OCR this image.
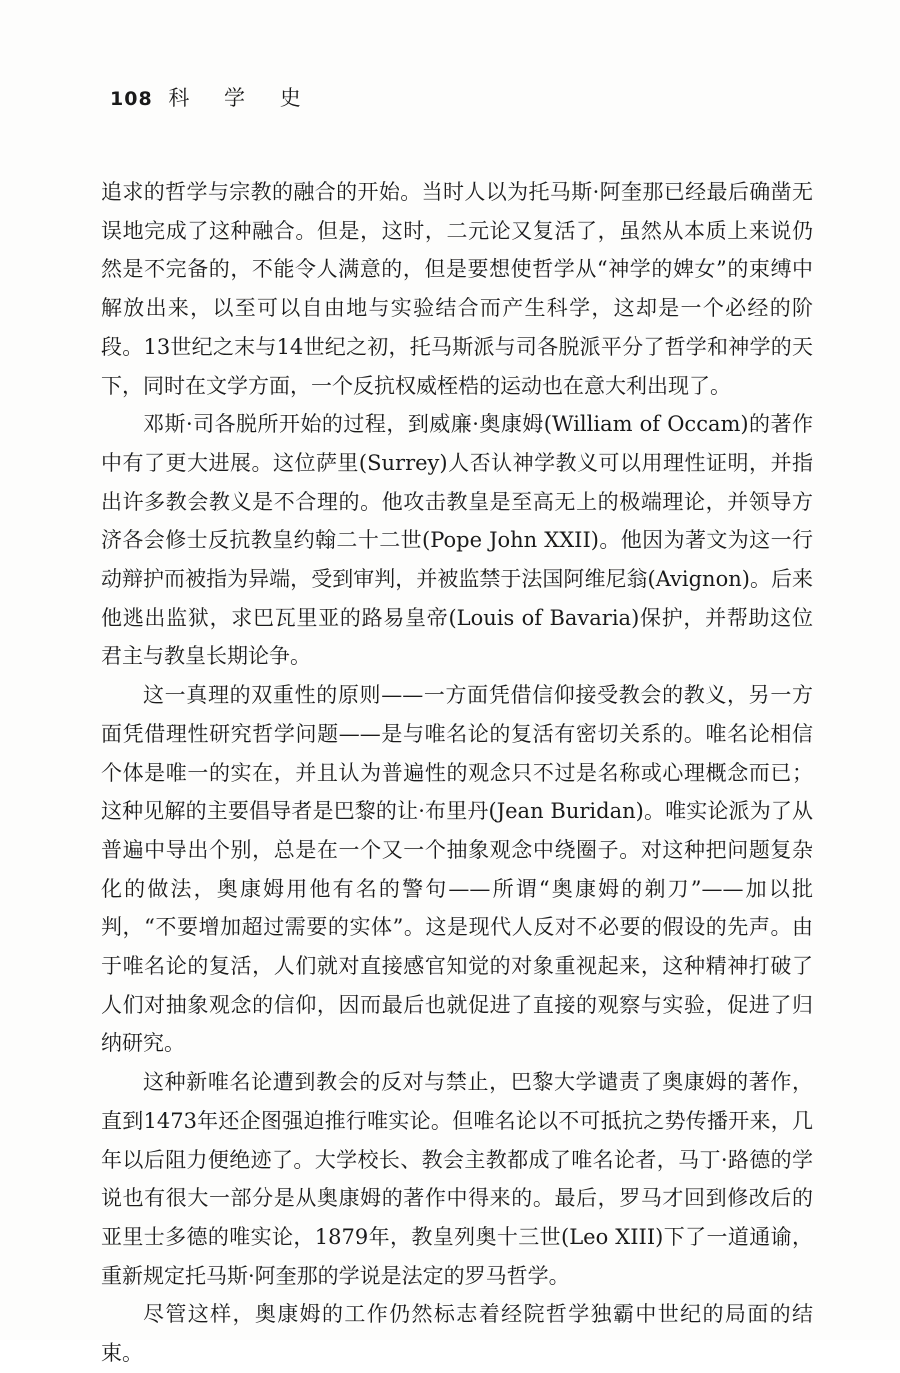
108 科 学 史

追求的哲学与宗教的融合的开始。当时人以为托马斯·阿奎那已经最后确凿无误地完成了这种融合。但是，这时，二元论又复活了，虽然从本质上来说仍然是不完备的，不能令人满意的，但是要想使哲学从“神学的婢女”的束缚中解放出来，以至可以自由地与实验结合而产生科学，这却是一个必经的阶段。13世纪之末与14世纪之初，托马斯派与司各脱派平分了哲学和神学的天下，同时在文学方面，一个反抗权威桎梏的运动也在意大利出现了。

邓斯·司各脱所开始的过程，到威廉·奥康姆(William of Occam)的著作中有了更大进展。这位萨里(Surrey)人否认神学教义可以用理性证明，并指出许多教会教义是不合理的。他攻击教皇是至高无上的极端理论，并领导方济各会修士反抗教皇约翰二十二世(Pope John XXII)。他因为著文为这一行动辩护而被指为异端，受到审判，并被监禁于法国阿维尼翁(Avignon)。后来他逃出监狱，求巴瓦里亚的路易皇帝(Louis of Bavaria)保护，并帮助这位君主与教皇长期论争。

这一真理的双重性的原则——一方面凭借信仰接受教会的教义，另一方面凭借理性研究哲学问题——是与唯名论的复活有密切关系的。唯名论相信个体是唯一的实在，并且认为普遍性的观念只不过是名称或心理概念而已；这种见解的主要倡导者是巴黎的让·布里丹(Jean Buridan)。唯实论派为了从普遍中导出个别，总是在一个又一个抽象观念中绕圈子。对这种把问题复杂化的做法，奥康姆用他有名的警句——所谓“奥康姆的剃刀”——加以批判，“不要增加超过需要的实体”。这是现代人反对不必要的假设的先声。由于唯名论的复活，人们就对直接感官知觉的对象重视起来，这种精神打破了人们对抽象观念的信仰，因而最后也就促进了直接的观察与实验，促进了归纳研究。

这种新唯名论遭到教会的反对与禁止，巴黎大学谴责了奥康姆的著作，直到1473年还企图强迫推行唯实论。但唯名论以不可抵抗之势传播开来，几年以后阻力便绝迹了。大学校长、教会主教都成了唯名论者，马丁·路德的学说也有很大一部分是从奥康姆的著作中得来的。最后，罗马才回到修改后的亚里士多德的唯实论，1879年，教皇列奥十三世(Leo XIII)下了一道通谕，重新规定托马斯·阿奎那的学说是法定的罗马哲学。

尽管这样，奥康姆的工作仍然标志着经院哲学独霸中世纪的局面的结束。
